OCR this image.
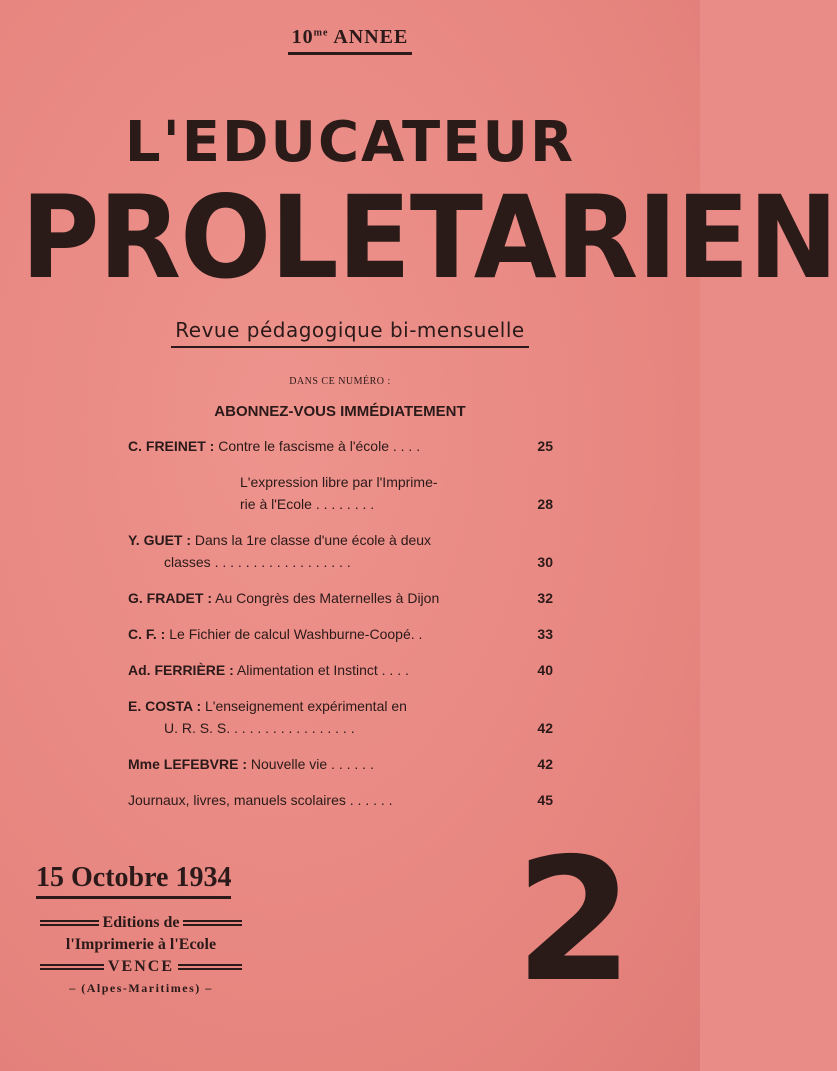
$10^{me}$ ANNEE
L'EDUCATEUR
PROLETARIEN
Revue pédagogique bi-mensuelle
DANS CE NUMÉRO :
ABONNEZ-VOUS IMMÉDIATEMENT
C. FREINET : Contre le fascisme à l'école . . . .	25
L'expression libre par l'Imprime-
rie à l'Ecole . . . . . . . .	28
Y. GUET : Dans la 1re classe d'une école à deux
classes . . . . . . . . . . . . . . . . . .	30
G. FRADET : Au Congrès des Maternelles à Dijon	32
C. F. : Le Fichier de calcul Washburne-Coopé. .	33
Ad. FERRIÈRE : Alimentation et Instinct . . . .	40
E. COSTA : L'enseignement expérimental en
U. R. S. S. . . . . . . . . . . . . . . . .	42
Mme LEFEBVRE : Nouvelle vie . . . . . .	42
Journaux, livres, manuels scolaires . . . . . .	45
15 Octobre 1934
Editions de
l'Imprimerie à l'Ecole
VENCE
– (Alpes-Maritimes) – 2
